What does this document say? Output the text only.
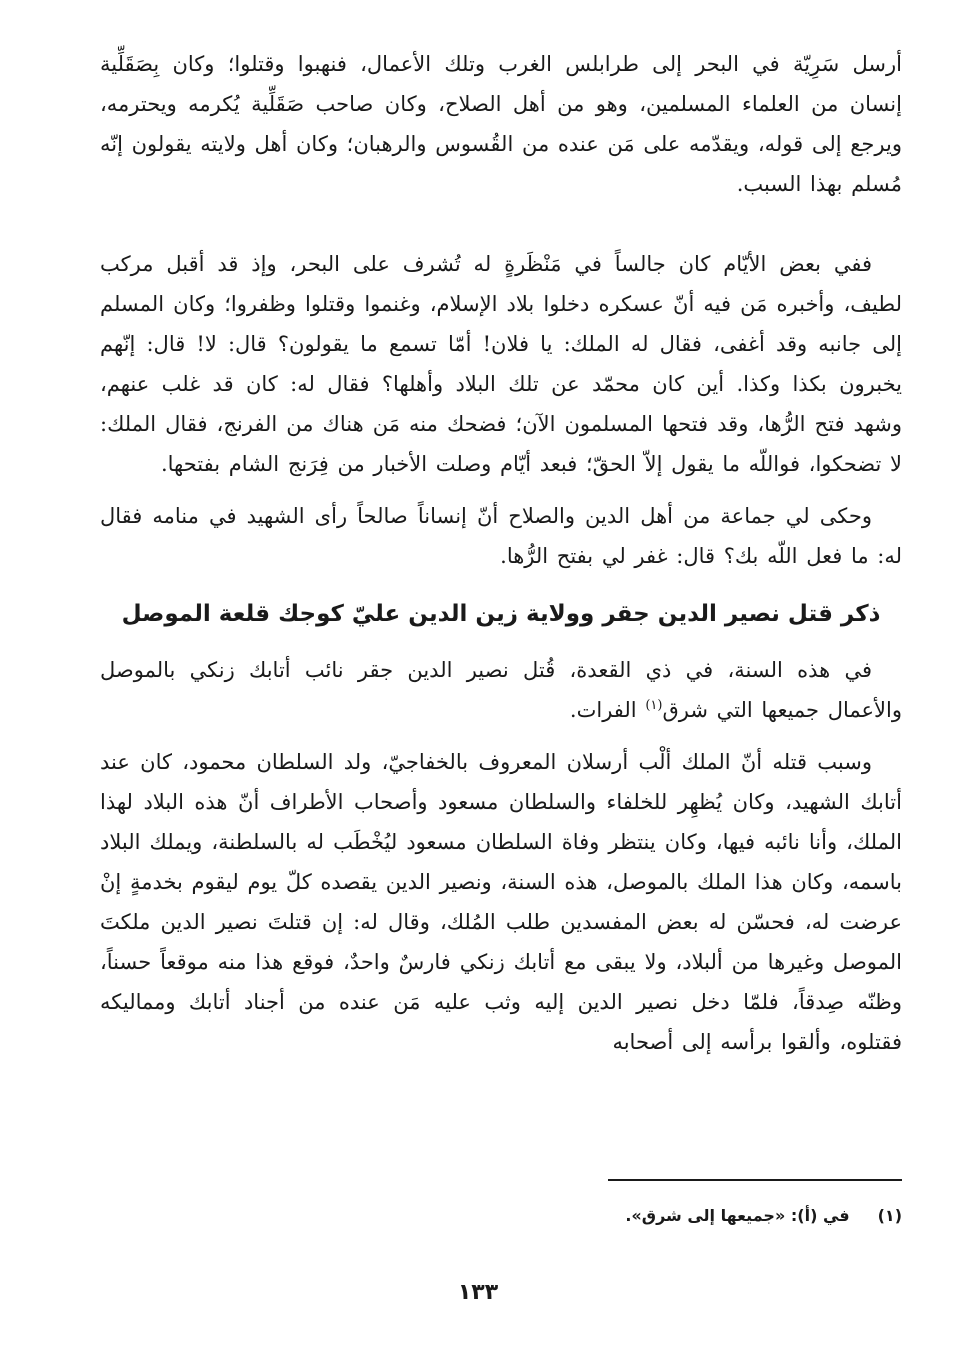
أرسل سَرِيّة في البحر إلى طرابلس الغرب وتلك الأعمال، فنهبوا وقتلوا؛ وكان بِصَقَلِّية إنسان من العلماء المسلمين، وهو من أهل الصلاح، وكان صاحب صَقَلِّية يُكرمه ويحترمه، ويرجع إلى قوله، ويقدّمه على مَن عنده من القُسوس والرهبان؛ وكان أهل ولايته يقولون إنّه مُسلم بهذا السبب.

ففي بعض الأيّام كان جالساً في مَنْظَرةٍ له تُشرف على البحر، وإذ قد أقبل مركب لطيف، وأخبره مَن فيه أنّ عسكره دخلوا بلاد الإسلام، وغنموا وقتلوا وظفروا؛ وكان المسلم إلى جانبه وقد أغفى، فقال له الملك: يا فلان! أمّا تسمع ما يقولون؟ قال: لا! قال: إنّهم يخبرون بكذا وكذا. أين كان محمّد عن تلك البلاد وأهلها؟ فقال له: كان قد غلب عنهم، وشهد فتح الرُّها، وقد فتحها المسلمون الآن؛ فضحك منه مَن هناك من الفرنج، فقال الملك: لا تضحكوا، فواللّه ما يقول إلاّ الحقّ؛ فبعد أيّام وصلت الأخبار من فِرَنج الشام بفتحها.

وحكى لي جماعة من أهل الدين والصلاح أنّ إنساناً صالحاً رأى الشهيد في منامه فقال له: ما فعل اللّه بك؟ قال: غفر لي بفتح الرُّها.

ذكر قتل نصير الدين جقر وولاية زين الدين عليّ كوجك قلعة الموصل

في هذه السنة، في ذي القعدة، قُتل نصير الدين جقر نائب أتابك زنكي بالموصل والأعمال جميعها التي شرق$^{(١)}$ الفرات.

وسبب قتله أنّ الملك ألْب أرسلان المعروف بالخفاجيّ، ولد السلطان محمود، كان عند أتابك الشهيد، وكان يُظهِر للخلفاء والسلطان مسعود وأصحاب الأطراف أنّ هذه البلاد لهذا الملك، وأنا نائبه فيها، وكان ينتظر وفاة السلطان مسعود ليُخْطَب له بالسلطنة، ويملك البلاد باسمه، وكان هذا الملك بالموصل، هذه السنة، ونصير الدين يقصده كلّ يوم ليقوم بخدمةٍ إنْ عرضت له، فحسّن له بعض المفسدين طلب المُلك، وقال له: إن قتلتَ نصير الدين ملكتَ الموصل وغيرها من ألبلاد، ولا يبقى مع أتابك زنكي فارسٌ واحدٌ، فوقع هذا منه موقعاً حسناً، وظنّه صِدقاً، فلمّا دخل نصير الدين إليه وثب عليه مَن عنده من أجناد أتابك ومماليكه فقتلوه، وألقوا برأسه إلى أصحابه

(١)في (أ): «جميعها إلى شرق».
١٣٣
